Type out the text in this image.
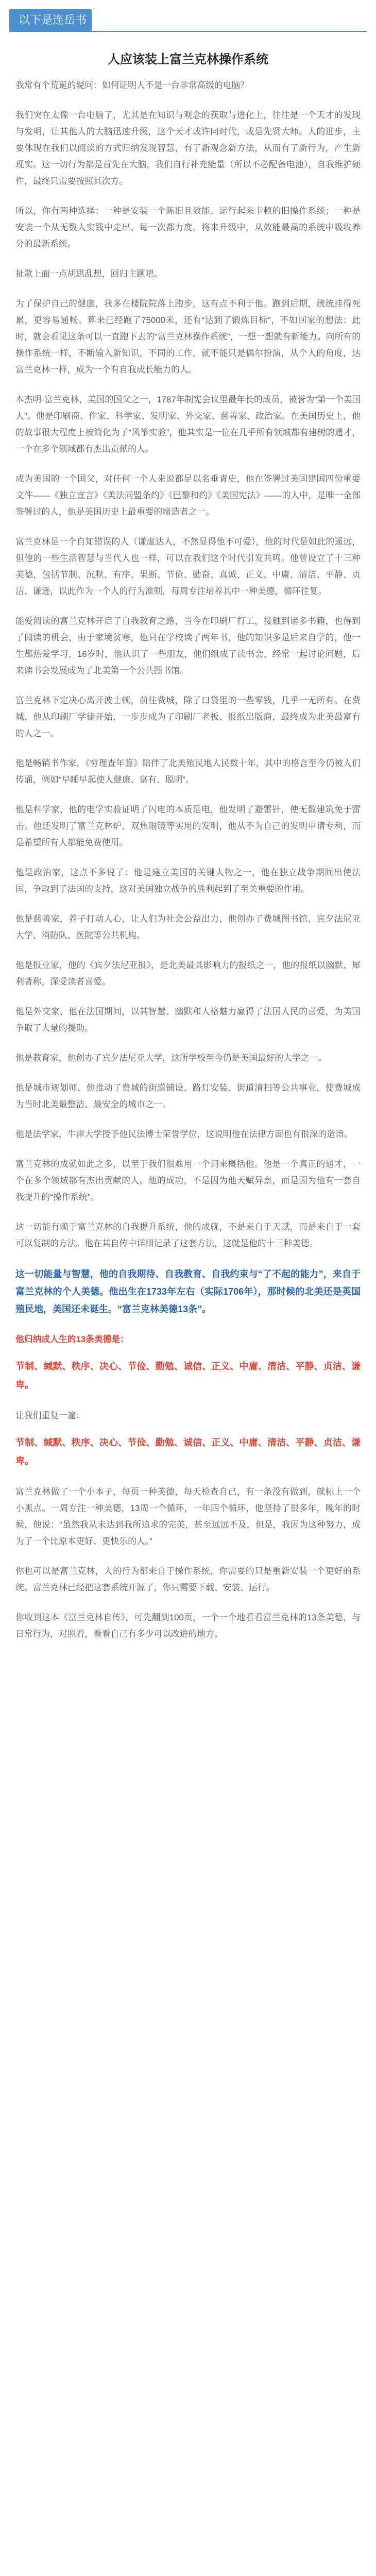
以下是连岳书评
人应该装上富兰克林操作系统

我常有个荒诞的疑问：如何证明人不是一台非常高级的电脑？

我们突在太像一台电脑了，尤其是在知识与观念的获取与进化上，往往是一个天才的发现与发明，让其他人的大脑迅速升级，这个天才或许同时代，或是先贤大师。人的进步，主要体现在我们以阅读的方式归纳发现智慧，有了新观念新方法，从而有了新行为，产生新现实。这一切行为都是首先在大脑，我们自行补充能量（所以不必配备电池），自我维护硬件，最终只需要按照其次方。

所以，你有两种选择：一种是安装一个陈旧且效能、运行起来卡顿的旧操作系统；一种是安装一个从无数人实践中走出、每一次都力度，将来升级中，从效能最高的系统中吸收养分的最新系统。

扯歉上面一点胡思乱想，回归主题吧。

为了保护自己的健康，我多在楼院院落上跑步，这有点不利于他。跑到后期，统统挂得死累，更容易通畅。算来已经跑了75000米，还有“达到了锻炼目标”，不如回家的想法：此时，就会看见这条可以一直跑下去的“富兰克林操作系统”，一想一想就有新能力。向所有的操作系统一样，不断输入新知识，不同的工作，就不能只是偶尔扮演，从个人的角度，达富兰克林一样，成为一个有自我成长能力的人。

本杰明·富兰克林，美国的国父之一，1787年制宪会议里最年长的成员，被誉为“第一个美国人”。他是印刷商、作家、科学家、发明家、外交家、慈善家、政治家。在美国历史上，他的故事很大程度上被简化为了“风筝实验”，他其实是一位在几乎所有领域都有建树的通才，一个在多个领域都有杰出贡献的人。

成为美国的一个国父，对任何一个人来说都足以名垂青史，他在签署过美国建国四份重要文件——《独立宣言》《美法同盟条约》《巴黎和约》《美国宪法》——的人中，是唯一全部签署过的人，他是美国历史上最重要的缔造者之一。

富兰克林是一个自知错误的人（谦虚达人，不然显得他不可爱），他的时代是如此的遥远，但他的一些生活智慧与当代人也一样，可以在我们这个时代引发共鸣。他曾设立了十三种美德，包括节制、沉默、有序、果断、节俭、勤奋、真诚、正义、中庸、清洁、平静、贞洁、谦逊，以此作为一个人的行为准则，每周专注培养其中一种美德，循环往复。

能爱阅读的富兰克林开启了自我教育之路，当今在印刷厂打工，接触到诸多书籍，也得到了阅读的机会，由于家境贫寒，他只在学校读了两年书，他的知识多是后来自学的，他一生都热爱学习，16岁时，他认识了一些朋友，他们组成了读书会，经常一起讨论问题，后来读书会发展成为了北美第一个公共图书馆。

富兰克林下定决心离开波士顿，前往费城，除了口袋里的一些零钱，几乎一无所有。在费城，他从印刷厂学徒开始，一步步成为了印刷厂老板、报纸出版商，最终成为北美最富有的人之一。

他是畅销书作家，《穷理查年鉴》陪伴了北美殖民地人民数十年，其中的格言至今仍被人们传诵，例如“早睡早起使人健康、富有、聪明”。

他是科学家，他的电学实验证明了闪电的本质是电，他发明了避雷针，使无数建筑免于雷击。他还发明了富兰克林炉、双焦眼镜等实用的发明，他从不为自己的发明申请专利，而是希望所有人都能免费使用。

他是政治家，这点不多说了：他是建立美国的关键人物之一，他在独立战争期间出使法国，争取到了法国的支持，这对美国独立战争的胜利起到了至关重要的作用。

他是慈善家，养子打动人心，让人们为社会公益出力，他创办了费城图书馆、宾夕法尼亚大学、消防队、医院等公共机构。

他是报业家，他的《宾夕法尼亚报》，是北美最具影响力的报纸之一，他的报纸以幽默、犀利著称，深受读者喜爱。

他是外交家，他在法国期间，以其智慧、幽默和人格魅力赢得了法国人民的喜爱，为美国争取了大量的援助。

他是教育家，他创办了宾夕法尼亚大学，这所学校至今仍是美国最好的大学之一。

他是城市规划师，他推动了费城的街道铺设、路灯安装、街道清扫等公共事业，使费城成为当时北美最整洁、最安全的城市之一。

他是法学家，牛津大学授予他民法博士荣誉学位，这说明他在法律方面也有很深的造诣。

富兰克林的成就如此之多，以至于我们很难用一个词来概括他。他是一个真正的通才，一个在多个领域都有杰出贡献的人。他的成功，不是因为他天赋异禀，而是因为他有一套自我提升的“操作系统”。

这一切能有赖于富兰克林的自我提升系统，他的成就，不是来自于天赋，而是来自于一套可以复制的方法。他在其自传中详细记录了这套方法，这就是他的十三种美德。

这一切能量与智慧，他的自我期待、自我教育、自我约束与“了不起的能力”，来自于富兰克林的个人美德。他出生在1733年左右（实际1706年），那时候的北美还是英国殖民地，美国还未诞生。“富兰克林美德13条”。

他归纳成人生的13条美德是：

节制、缄默、秩序、决心、节俭、勤勉、诚信、正义、中庸、清洁、平静、贞洁、谦卑。

让我们重复一遍：

节制、缄默、秩序、决心、节俭、勤勉、诚信、正义、中庸、清洁、平静、贞洁、谦卑。

富兰克林做了一个小本子，每页一种美德，每天检查自己，有一条没有做到，就标上一个小黑点。一周专注一种美德，13周一个循环，一年四个循环，他坚持了很多年，晚年的时候，他说：“虽然我从未达到我所追求的完美，甚至远远不及，但是，我因为这种努力，成为了一个比原本更好、更快乐的人。”

你也可以是富兰克林，人的行为都来自于操作系统，你需要的只是重新安装一个更好的系统。富兰克林已经把这套系统开源了，你只需要下载、安装、运行。

你收到这本《富兰克林自传》，可先翻到100页，一个一个地看看富兰克林的13条美德，与日常行为，对照着，看看自己有多少可以改进的地方。
